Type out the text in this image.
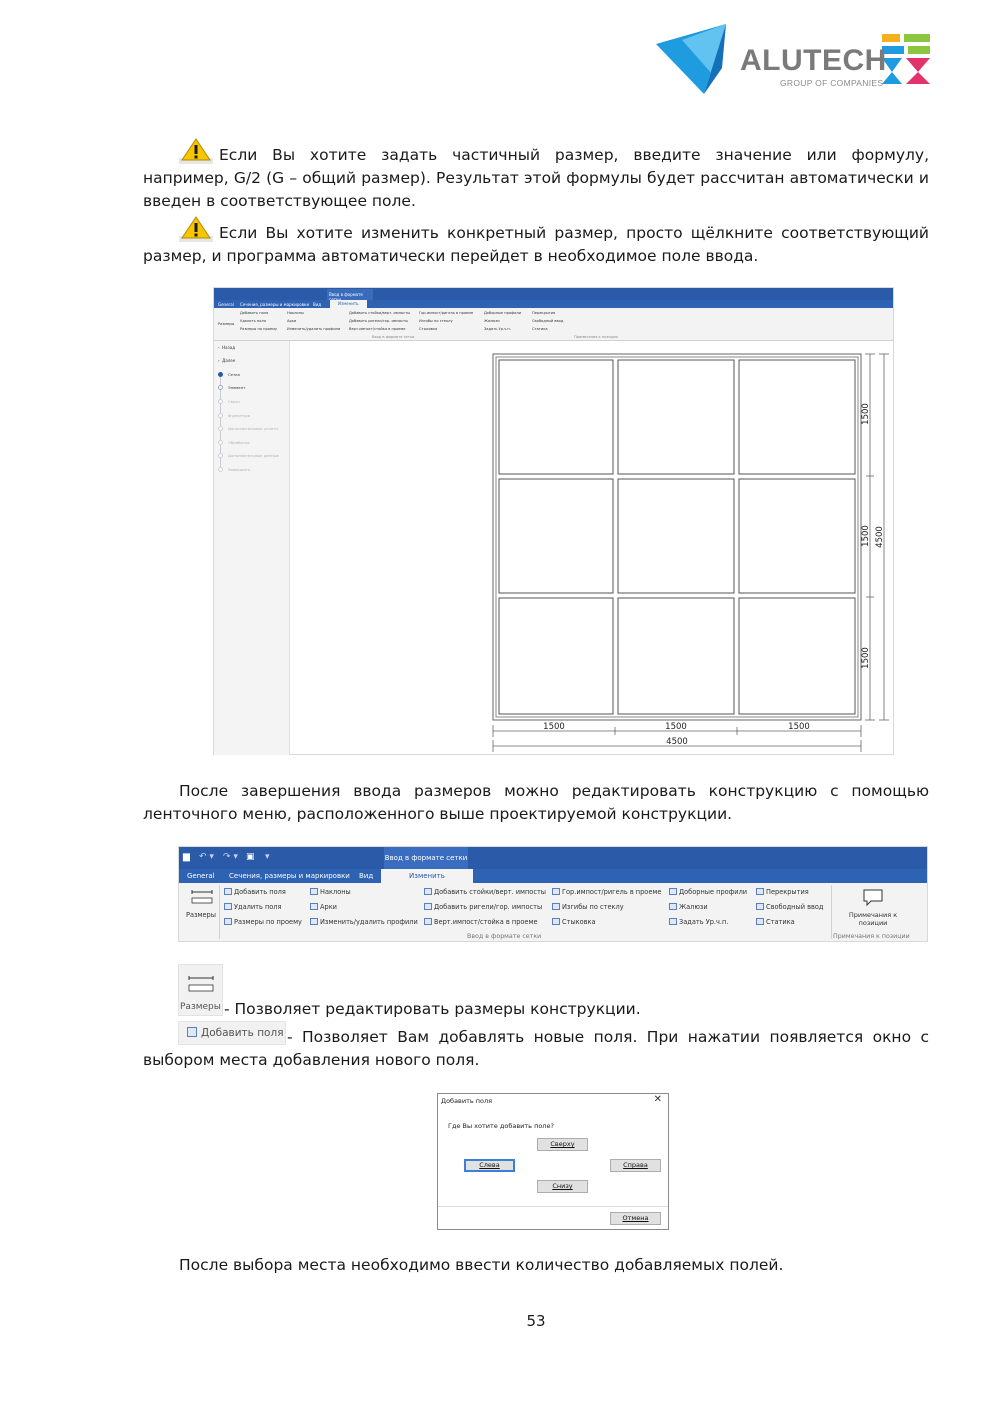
ALUTECH
GROUP OF COMPANIES
Если Вы хотите задать частичный размер, введите значение или формулу, например, G/2 (G – общий размер). Результат этой формулы будет рассчитан автоматически и введен в соответствующее поле.
Если Вы хотите изменить конкретный размер, просто щёлкните соответствующий размер, и программа автоматически перейдет в необходимое поле ввода.
Ввод в формате
General Сечения, размеры и маркировки Вид	Изменить
Размеры
Добавить поля
Удалить поля
Размеры по проему
Наклоны
Арки
Изменить/удалить профили
Добавить стойки/верт. импосты
Добавить ригели/гор. импосты
Верт.импост/стойка в проеме
Гор.импост/ригель в проеме
Изгибы по стеклу
Стыковка
Доборные профили
Жалюзи
Задать Ур.ч.п.
Перекрытия
Свободный ввод
Статика
Ввод в формате сетки	Примечания к позиции
‹  Назад
›  Далее
Сетка
Элемент
Связи
Фурнитура
Дополнительные уплотн.
Обработка
Дополнительные данные
Завершить
1500	1500	1500
4500
1500
1500
1500
4500
После завершения ввода размеров можно редактировать конструкцию с помощью ленточного меню, расположенного выше проектируемой конструкции.
▆ ↶ ▾ ↷ ▾ ▣ ▾	Ввод в формате сетки
General Сечения, размеры и маркировки Вид	Изменить
Размеры
Добавить поля
Удалить поля
Размеры по проему
Наклоны
Арки
Изменить/удалить профили
Добавить стойки/верт. импосты
Добавить ригели/гор. импосты
Верт.импост/стойка в проеме
Гор.импост/ригель в проеме
Изгибы по стеклу
Стыковка
Доборные профили
Жалюзи
Задать Ур.ч.п.
Перекрытия
Свободный ввод
Статика
Ввод в формате сетки
Примечания к позиции
Примечания к позиции
Размеры - Позволяет редактировать размеры конструкции.
Добавить поля - Позволяет Вам добавлять новые поля. При нажатии появляется окно с выбором места добавления нового поля.
Добавить поля	✕
Где Вы хотите добавить поле?
Сверху
Слева	Справа
Снизу
Отмена
После выбора места необходимо ввести количество добавляемых полей.
53
